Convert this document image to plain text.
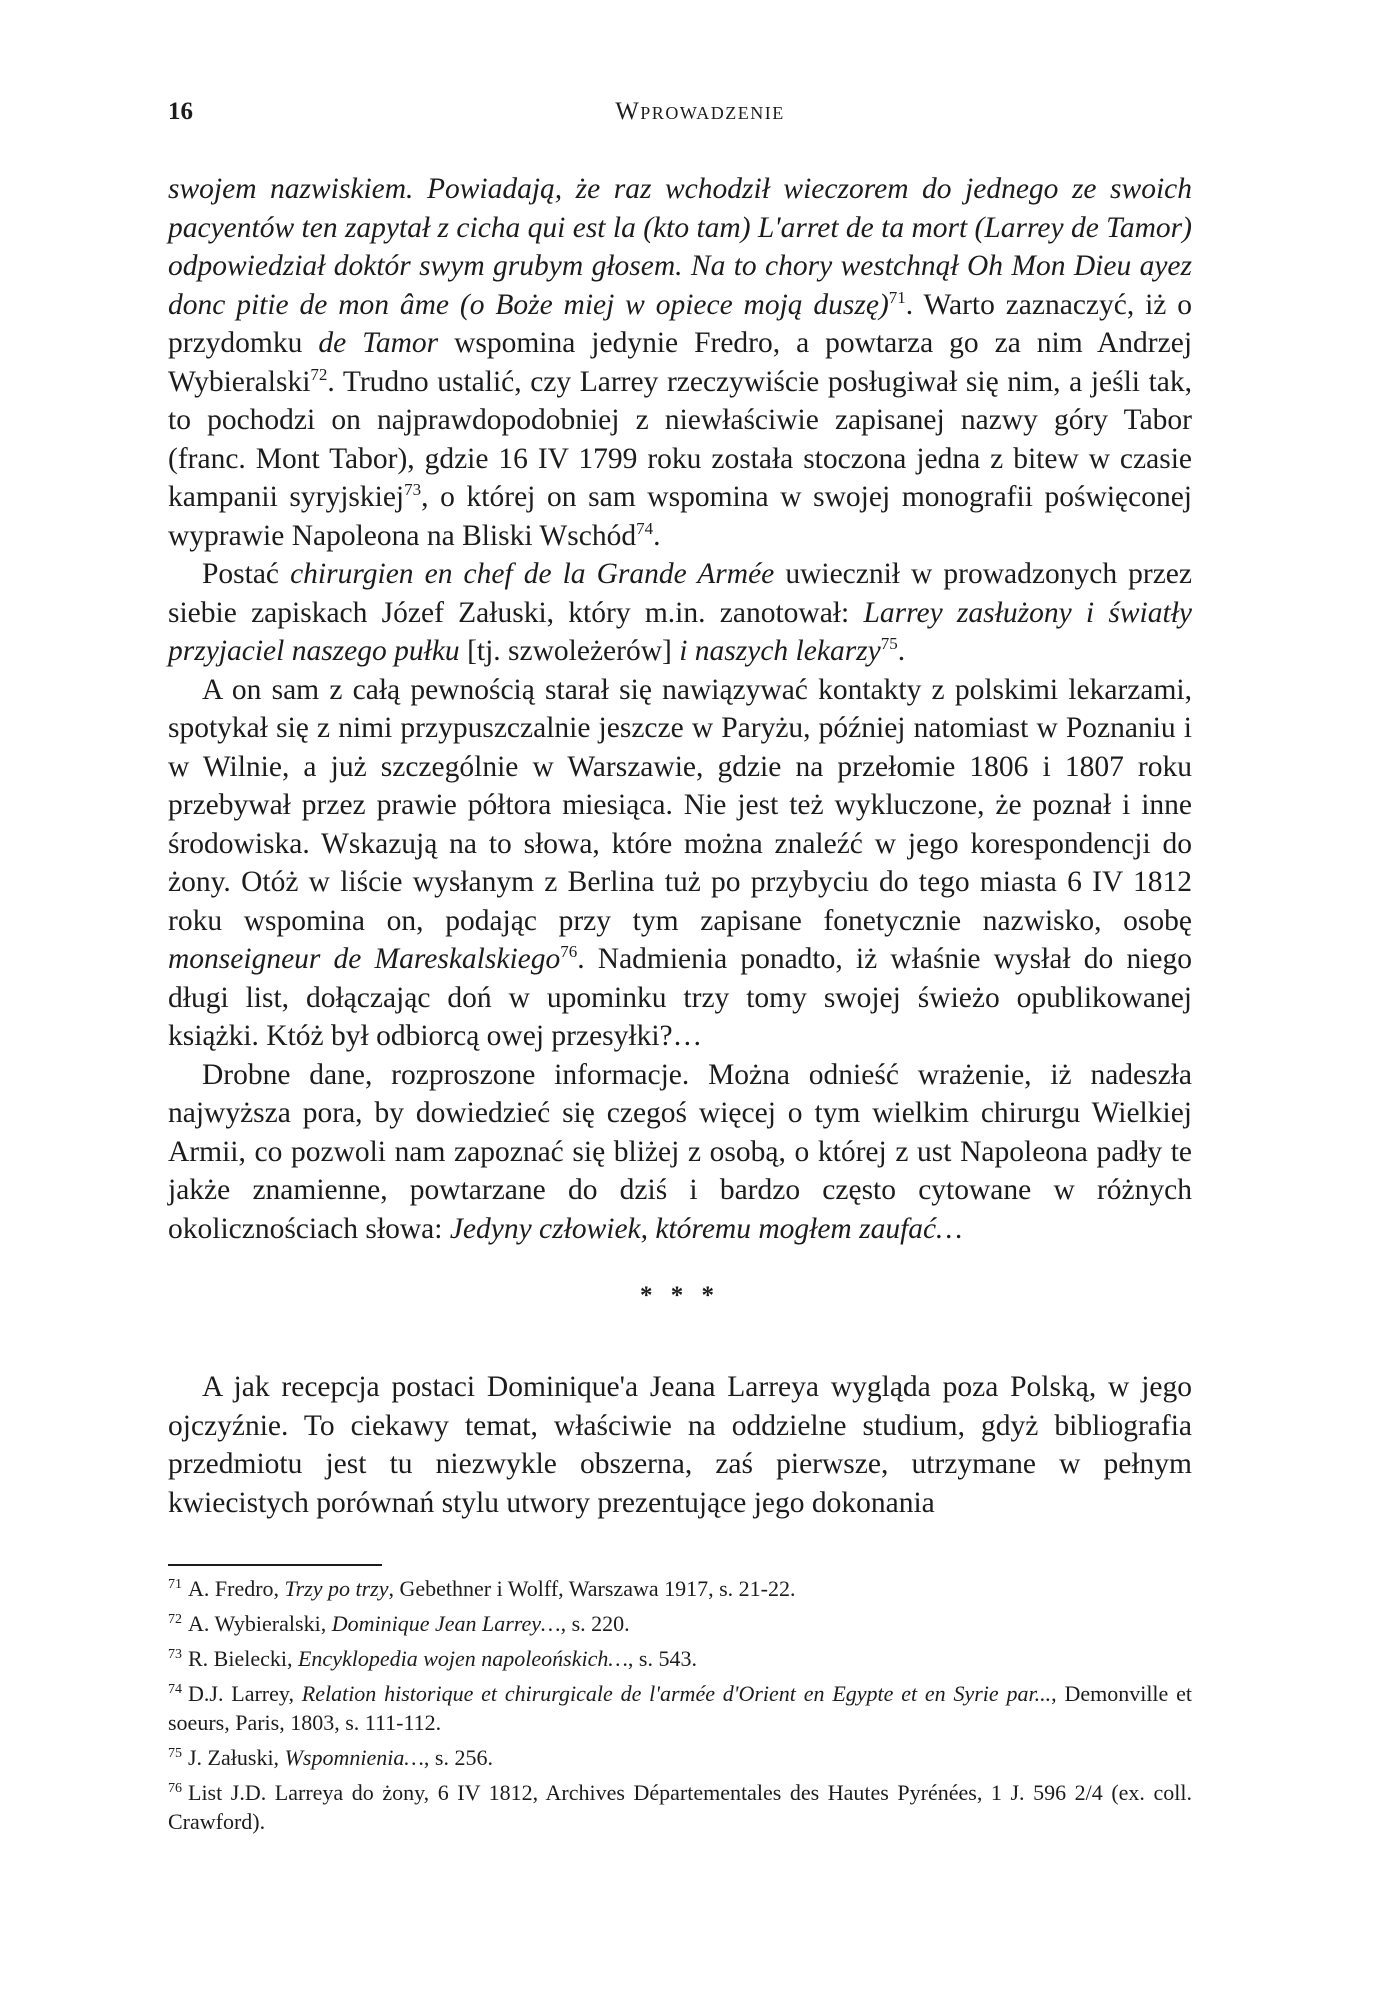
16	Wprowadzenie

swojem nazwiskiem. Powiadają, że raz wchodził wieczorem do jednego ze swoich pacyentów ten zapytał z cicha qui est la (kto tam) L'arret de ta mort (Larrey de Tamor) odpowiedział doktór swym grubym głosem. Na to chory westchnął Oh Mon Dieu ayez donc pitie de mon âme (o Boże miej w opiece moją duszę)$^{71}$. Warto zaznaczyć, iż o przydomku de Tamor wspomina jedynie Fredro, a powtarza go za nim Andrzej Wybieralski$^{72}$. Trudno ustalić, czy Larrey rzeczywiście posługiwał się nim, a jeśli tak, to pochodzi on najprawdopodobniej z niewłaściwie zapisanej nazwy góry Tabor (franc. Mont Tabor), gdzie 16 IV 1799 roku została stoczona jedna z bitew w czasie kampanii syryjskiej$^{73}$, o której on sam wspomina w swojej monografii poświęconej wyprawie Napoleona na Bliski Wschód$^{74}$.

Postać chirurgien en chef de la Grande Armée uwiecznił w prowadzonych przez siebie zapiskach Józef Załuski, który m.in. zanotował: Larrey zasłużony i światły przyjaciel naszego pułku [tj. szwoleżerów] i naszych lekarzy$^{75}$.

A on sam z całą pewnością starał się nawiązywać kontakty z polskimi lekarzami, spotykał się z nimi przypuszczalnie jeszcze w Paryżu, później natomiast w Poznaniu i w Wilnie, a już szczególnie w Warszawie, gdzie na przełomie 1806 i 1807 roku przebywał przez prawie półtora miesiąca. Nie jest też wykluczone, że poznał i inne środowiska. Wskazują na to słowa, które można znaleźć w jego korespondencji do żony. Otóż w liście wysłanym z Berlina tuż po przybyciu do tego miasta 6 IV 1812 roku wspomina on, podając przy tym zapisane fonetycznie nazwisko, osobę monseigneur de Mareskalskiego$^{76}$. Nadmienia ponadto, iż właśnie wysłał do niego długi list, dołączając doń w upominku trzy tomy swojej świeżo opublikowanej książki. Któż był odbiorcą owej przesyłki?…

Drobne dane, rozproszone informacje. Można odnieść wrażenie, iż nadeszła najwyższa pora, by dowiedzieć się czegoś więcej o tym wielkim chirurgu Wielkiej Armii, co pozwoli nam zapoznać się bliżej z osobą, o której z ust Napoleona padły te jakże znamienne, powtarzane do dziś i bardzo często cytowane w różnych okolicznościach słowa: Jedyny człowiek, któremu mogłem zaufać…

* * *

A jak recepcja postaci Dominique'a Jeana Larreya wygląda poza Polską, w jego ojczyźnie. To ciekawy temat, właściwie na oddzielne studium, gdyż bibliografia przedmiotu jest tu niezwykle obszerna, zaś pierwsze, utrzymane w pełnym kwiecistych porównań stylu utwory prezentujące jego dokonania

$^{71}$ A. Fredro, Trzy po trzy, Gebethner i Wolff, Warszawa 1917, s. 21-22.

$^{72}$ A. Wybieralski, Dominique Jean Larrey…, s. 220.

$^{73}$ R. Bielecki, Encyklopedia wojen napoleońskich…, s. 543.

$^{74}$ D.J. Larrey, Relation historique et chirurgicale de l'armée d'Orient en Egypte et en Syrie par..., Demonville et soeurs, Paris, 1803, s. 111-112.

$^{75}$ J. Załuski, Wspomnienia…, s. 256.

$^{76}$ List J.D. Larreya do żony, 6 IV 1812, Archives Départementales des Hautes Pyrénées, 1 J. 596 2/4 (ex. coll. Crawford).
